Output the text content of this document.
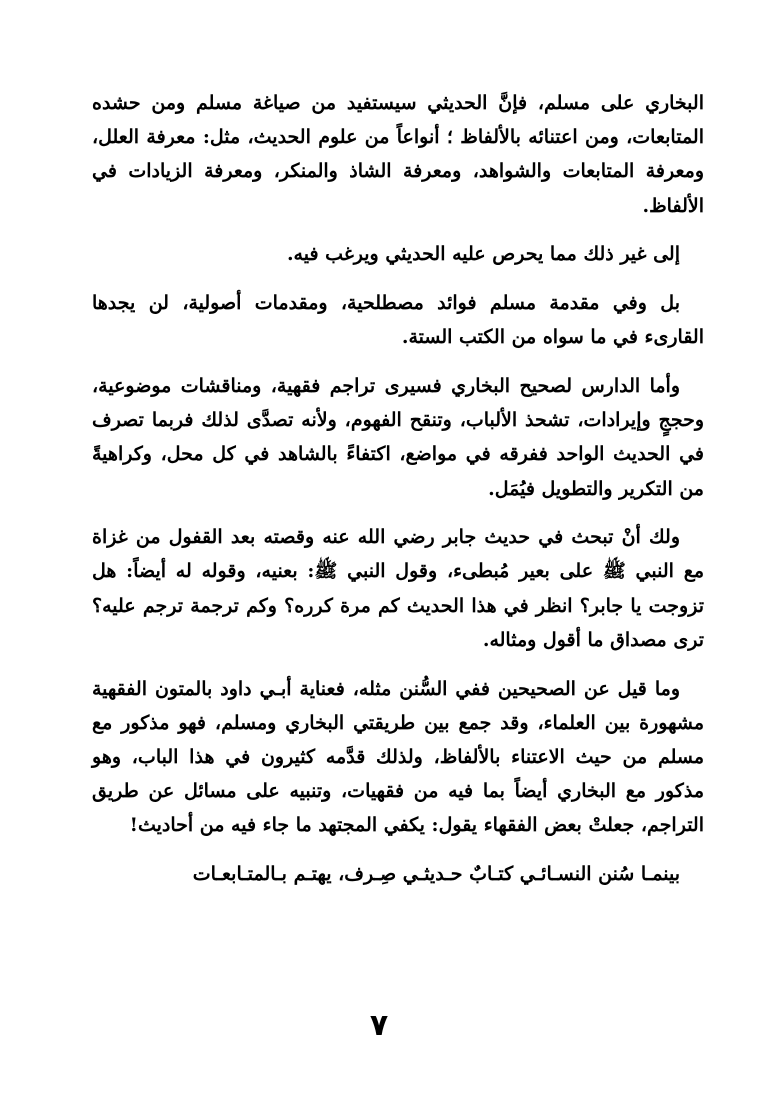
البخاري على مسلم، فإنَّ الحديثي سيستفيد من صياغة مسلم ومن حشده المتابعات، ومن اعتنائه بالألفاظ ؛ أنواعاً من علوم الحديث، مثل: معرفة العلل، ومعرفة المتابعات والشواهد، ومعرفة الشاذ والمنكر، ومعرفة الزيادات في الألفاظ.

إلى غير ذلك مما يحرص عليه الحديثي ويرغب فيه.

بل وفي مقدمة مسلم فوائد مصطلحية، ومقدمات أصولية، لن يجدها القارىء في ما سواه من الكتب الستة.

وأما الدارس لصحيح البخاري فسيرى تراجم فقهية، ومناقشات موضوعية، وحججٍ وإيرادات، تشحذ الألباب، وتنقح الفهوم، ولأنه تصدَّى لذلك فربما تصرف في الحديث الواحد ففرقه في مواضع، اكتفاءً بالشاهد في كل محل، وكراهيةً من التكرير والتطويل فيُمَل.

ولك أنْ تبحث في حديث جابر رضي الله عنه وقصته بعد القفول من غزاة مع النبي ﷺ على بعير مُبطىء، وقول النبي ﷺ: بعنيه، وقوله له أيضاً: هل تزوجت يا جابر؟ انظر في هذا الحديث كم مرة كرره؟ وكم ترجمة ترجم عليه؟ ترى مصداق ما أقول ومثاله.

وما قيل عن الصحيحين ففي السُّنن مثله، فعناية أبـي داود بالمتون الفقهية مشهورة بين العلماء، وقد جمع بين طريقتي البخاري ومسلم، فهو مذكور مع مسلم من حيث الاعتناء بالألفاظ، ولذلك قدَّمه كثيرون في هذا الباب، وهو مذكور مع البخاري أيضاً بما فيه من فقهيات، وتنبيه على مسائل عن طريق التراجم، جعلتْ بعض الفقهاء يقول: يكفي المجتهد ما جاء فيه من أحاديث!

بينمـا سُنن النسـائـي كتـابٌ حـديثـي صِـرف، يهتـم بـالمتـابعـات

٧
